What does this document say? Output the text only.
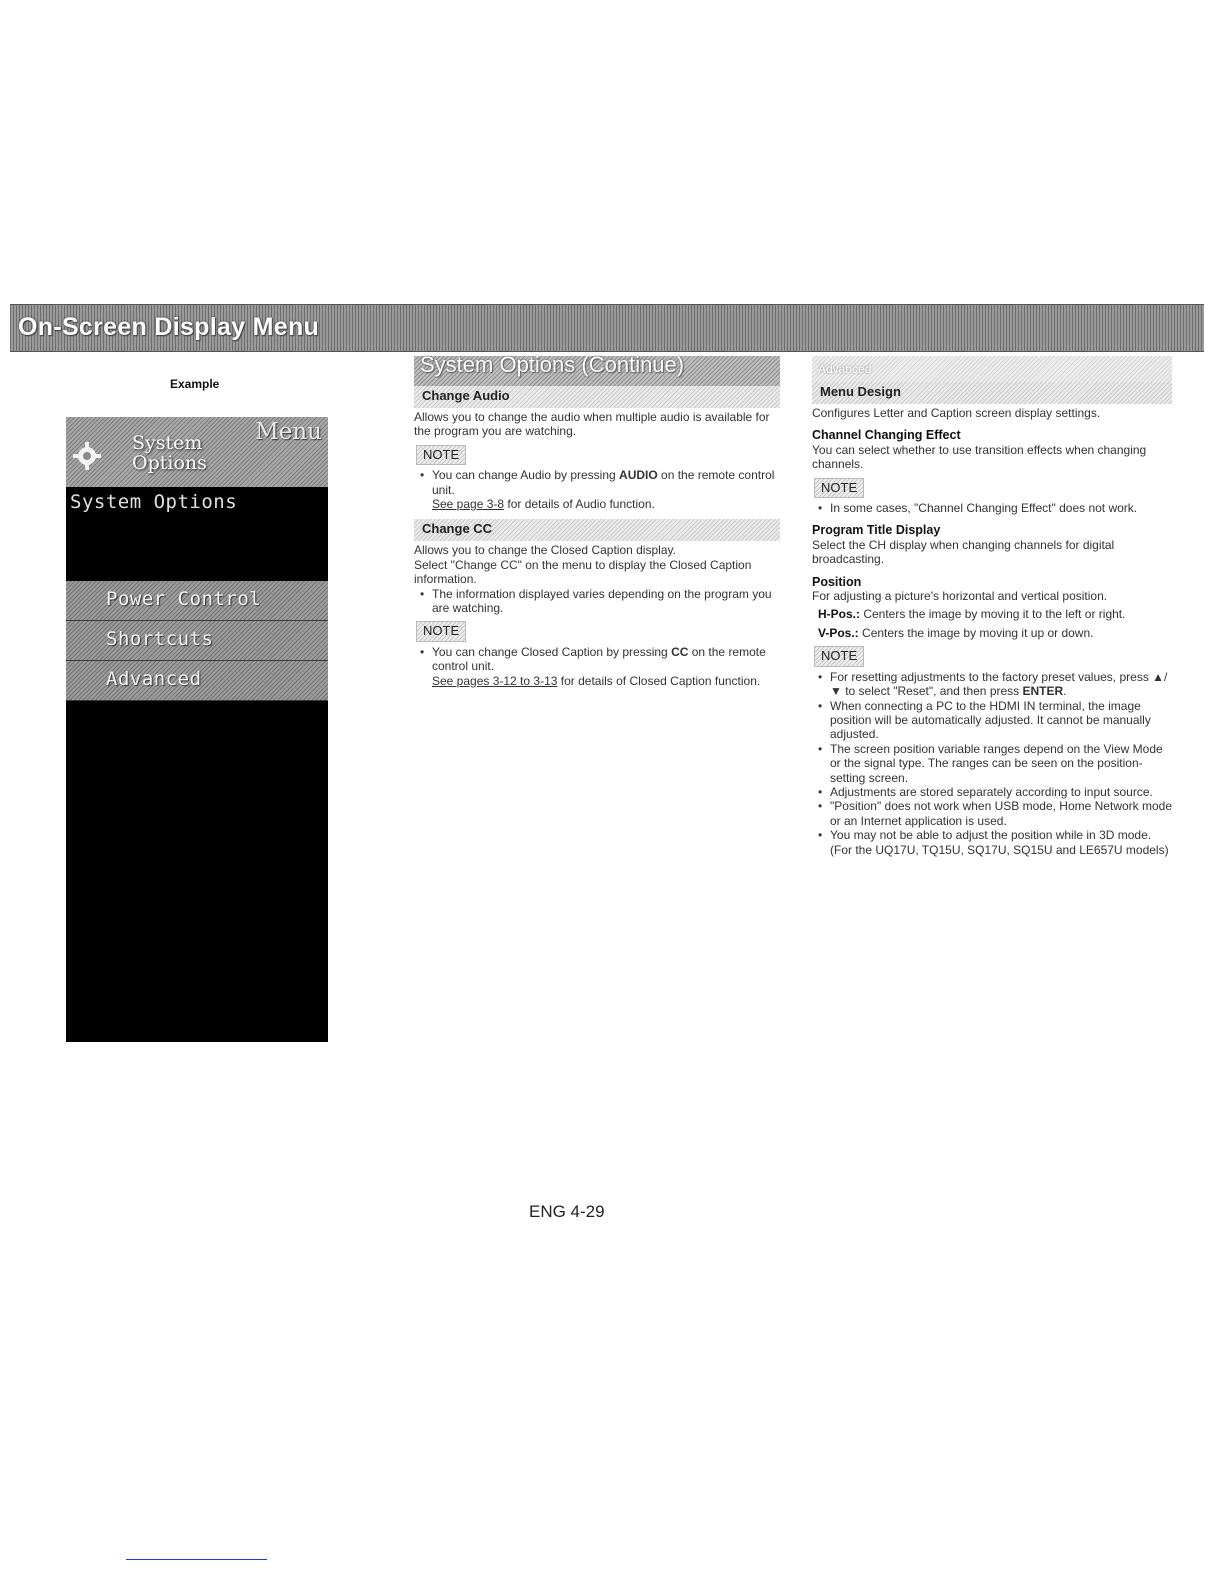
On-Screen Display Menu
Example
Menu
System
Options
System Options
Power Control
Shortcuts
Advanced
System Options (Continue)
Change Audio

Allows you to change the audio when multiple audio is available for the program you are watching.

NOTE

• You can change Audio by pressing AUDIO on the remote control unit.

See page 3-8 for details of Audio function.

Change CC

Allows you to change the Closed Caption display.

Select "Change CC" on the menu to display the Closed Caption information.

• The information displayed varies depending on the program you are watching.

NOTE

• You can change Closed Caption by pressing CC on the remote control unit.

See pages 3-12 to 3-13 for details of Closed Caption function.

Advanced
Menu Design

Configures Letter and Caption screen display settings.

Channel Changing Effect

You can select whether to use transition effects when changing channels.

NOTE

• In some cases, "Channel Changing Effect" does not work.

Program Title Display

Select the CH display when changing channels for digital broadcasting.

Position

For adjusting a picture's horizontal and vertical position.

H-Pos.: Centers the image by moving it to the left or right.

V-Pos.: Centers the image by moving it up or down.

NOTE

• For resetting adjustments to the factory preset values, press ▲/▼ to select "Reset", and then press ENTER.

• When connecting a PC to the HDMI IN terminal, the image position will be automatically adjusted. It cannot be manually adjusted.

• The screen position variable ranges depend on the View Mode or the signal type. The ranges can be seen on the position-setting screen.

• Adjustments are stored separately according to input source.

• "Position" does not work when USB mode, Home Network mode or an Internet application is used.

• You may not be able to adjust the position while in 3D mode. (For the UQ17U, TQ15U, SQ17U, SQ15U and LE657U models)

ENG 4-29
